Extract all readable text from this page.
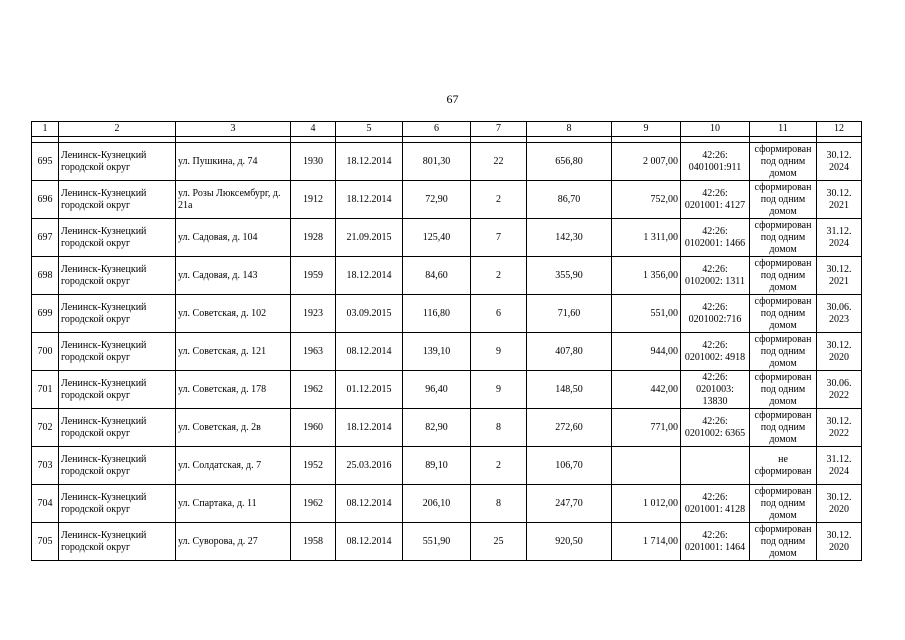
67
1	2	3	4	5	6	7	8	9	10	11	12

695	Ленинск-Кузнецкий городской округ	ул. Пушкина, д. 74	1930	18.12.2014	801,30	22	656,80	2 007,00	42:26: 0401001:911	сформирован под одним домом	30.12. 2024
696	Ленинск-Кузнецкий городской округ	ул. Розы Люксембург, д. 21а	1912	18.12.2014	72,90	2	86,70	752,00	42:26: 0201001: 4127	сформирован под одним домом	30.12. 2021
697	Ленинск-Кузнецкий городской округ	ул. Садовая, д. 104	1928	21.09.2015	125,40	7	142,30	1 311,00	42:26: 0102001: 1466	сформирован под одним домом	31.12. 2024
698	Ленинск-Кузнецкий городской округ	ул. Садовая, д. 143	1959	18.12.2014	84,60	2	355,90	1 356,00	42:26: 0102002: 1311	сформирован под одним домом	30.12. 2021
699	Ленинск-Кузнецкий городской округ	ул. Советская, д. 102	1923	03.09.2015	116,80	6	71,60	551,00	42:26: 0201002:716	сформирован под одним домом	30.06. 2023
700	Ленинск-Кузнецкий городской округ	ул. Советская, д. 121	1963	08.12.2014	139,10	9	407,80	944,00	42:26: 0201002: 4918	сформирован под одним домом	30.12. 2020
701	Ленинск-Кузнецкий городской округ	ул. Советская, д. 178	1962	01.12.2015	96,40	9	148,50	442,00	42:26: 0201003: 13830	сформирован под одним домом	30.06. 2022
702	Ленинск-Кузнецкий городской округ	ул. Советская, д. 2в	1960	18.12.2014	82,90	8	272,60	771,00	42:26: 0201002: 6365	сформирован под одним домом	30.12. 2022
703	Ленинск-Кузнецкий городской округ	ул. Солдатская, д. 7	1952	25.03.2016	89,10	2	106,70			не сформирован	31.12. 2024
704	Ленинск-Кузнецкий городской округ	ул. Спартака, д. 11	1962	08.12.2014	206,10	8	247,70	1 012,00	42:26: 0201001: 4128	сформирован под одним домом	30.12. 2020
705	Ленинск-Кузнецкий городской округ	ул. Суворова, д. 27	1958	08.12.2014	551,90	25	920,50	1 714,00	42:26: 0201001: 1464	сформирован под одним домом	30.12. 2020
